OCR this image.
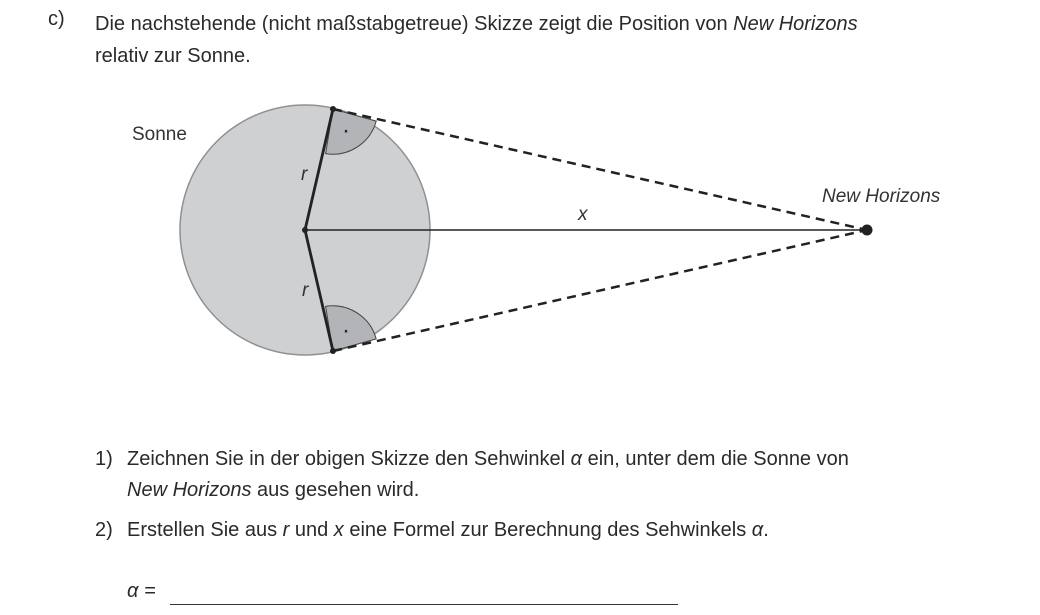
c) Die nachstehende (nicht maßstabgetreue) Skizze zeigt die Position von New Horizons
relativ zur Sonne.
·
·
Sonne
New Horizons
r
r
x
1) Zeichnen Sie in der obigen Skizze den Sehwinkel α ein, unter dem die Sonne von
New Horizons aus gesehen wird.
2) Erstellen Sie aus r und x eine Formel zur Berechnung des Sehwinkels α.
α =
